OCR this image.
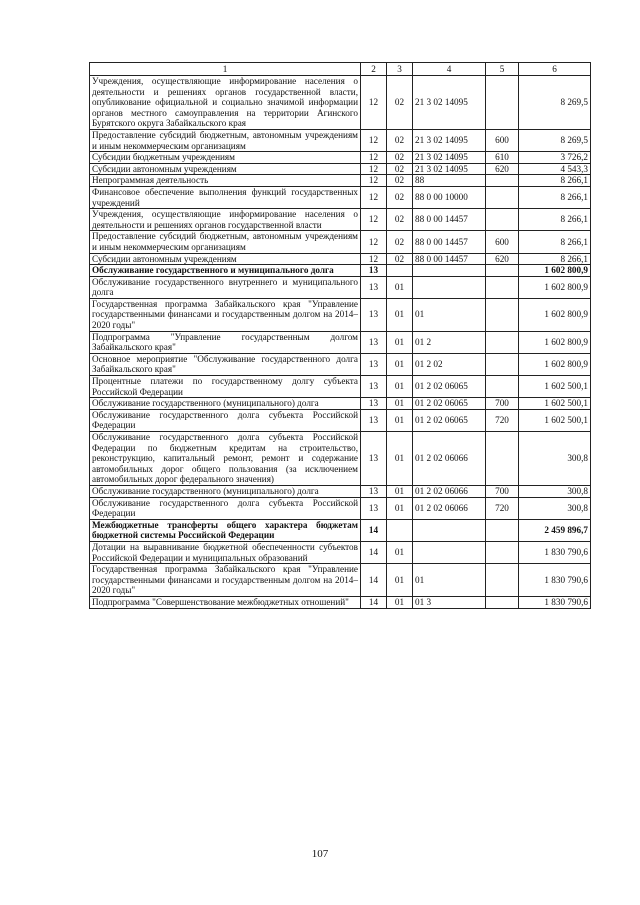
1	2	3	4	5	6
Учреждения, осуществляющие информирование населения о деятельности и решениях органов государственной власти, опубликование официальной и социально значимой информации органов местного самоуправления на территории Агинского Бурятского округа Забайкальского края	12	02	21 3 02 14095		8 269,5
Предоставление субсидий бюджетным, автономным учреждениям и иным некоммерческим организациям	12	02	21 3 02 14095	600	8 269,5
Субсидии бюджетным учреждениям	12	02	21 3 02 14095	610	3 726,2
Субсидии автономным учреждениям	12	02	21 3 02 14095	620	4 543,3
Непрограммная деятельность	12	02	88		8 266,1
Финансовое обеспечение выполнения функций государственных учреждений	12	02	88 0 00 10000		8 266,1
Учреждения, осуществляющие информирование населения о деятельности и решениях органов государственной власти	12	02	88 0 00 14457		8 266,1
Предоставление субсидий бюджетным, автономным учреждениям и иным некоммерческим организациям	12	02	88 0 00 14457	600	8 266,1
Субсидии автономным учреждениям	12	02	88 0 00 14457	620	8 266,1
Обслуживание государственного и муниципального долга	13				1 602 800,9
Обслуживание государственного внутреннего и муниципального долга	13	01			1 602 800,9
Государственная программа Забайкальского края "Управление государственными финансами и государственным долгом на 2014–2020 годы"	13	01	01		1 602 800,9
Подпрограмма "Управление государственным долгом Забайкальского края"	13	01	01 2		1 602 800,9
Основное мероприятие "Обслуживание государственного долга Забайкальского края"	13	01	01 2 02		1 602 800,9
Процентные платежи по государственному долгу субъекта Российской Федерации	13	01	01 2 02 06065		1 602 500,1
Обслуживание государственного (муниципального) долга	13	01	01 2 02 06065	700	1 602 500,1
Обслуживание государственного долга субъекта Российской Федерации	13	01	01 2 02 06065	720	1 602 500,1
Обслуживание государственного долга субъекта Российской Федерации по бюджетным кредитам на строительство, реконструкцию, капитальный ремонт, ремонт и содержание автомобильных дорог общего пользования (за исключением автомобильных дорог федерального значения)	13	01	01 2 02 06066		300,8
Обслуживание государственного (муниципального) долга	13	01	01 2 02 06066	700	300,8
Обслуживание государственного долга субъекта Российской Федерации	13	01	01 2 02 06066	720	300,8
Межбюджетные трансферты общего характера бюджетам бюджетной системы Российской Федерации	14				2 459 896,7
Дотации на выравнивание бюджетной обеспеченности субъектов Российской Федерации и муниципальных образований	14	01			1 830 790,6
Государственная программа Забайкальского края "Управление государственными финансами и государственным долгом на 2014–2020 годы"	14	01	01		1 830 790,6
Подпрограмма "Совершенствование межбюджетных отношений"	14	01	01 3		1 830 790,6
107
